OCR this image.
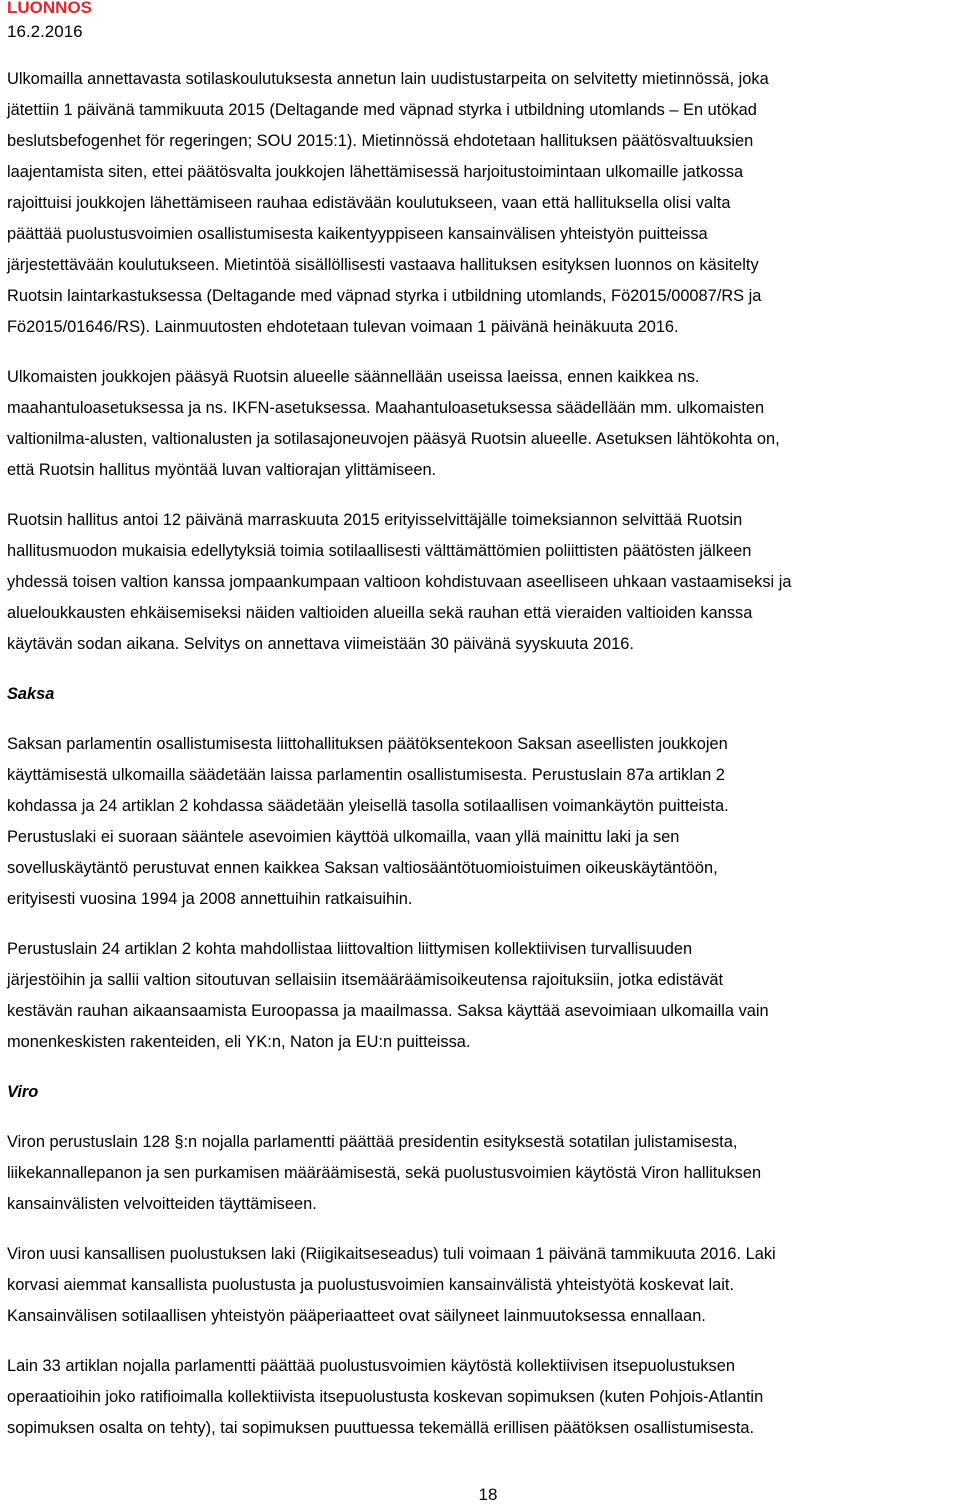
LUONNOS
16.2.2016

Ulkomailla annettavasta sotilaskoulutuksesta annetun lain uudistustarpeita on selvitetty mietinnössä, joka
jätettiin 1 päivänä tammikuuta 2015 (Deltagande med väpnad styrka i utbildning utomlands – En utökad
beslutsbefogenhet för regeringen; SOU 2015:1). Mietinnössä ehdotetaan hallituksen päätösvaltuuksien
laajentamista siten, ettei päätösvalta joukkojen lähettämisessä harjoitustoimintaan ulkomaille jatkossa
rajoittuisi joukkojen lähettämiseen rauhaa edistävään koulutukseen, vaan että hallituksella olisi valta
päättää puolustusvoimien osallistumisesta kaikentyyppiseen kansainvälisen yhteistyön puitteissa
järjestettävään koulutukseen. Mietintöä sisällöllisesti vastaava hallituksen esityksen luonnos on käsitelty
Ruotsin laintarkastuksessa (Deltagande med väpnad styrka i utbildning utomlands, Fö2015/00087/RS ja
Fö2015/01646/RS). Lainmuutosten ehdotetaan tulevan voimaan 1 päivänä heinäkuuta 2016.

Ulkomaisten joukkojen pääsyä Ruotsin alueelle säännellään useissa laeissa, ennen kaikkea ns.
maahantuloasetuksessa ja ns. IKFN-asetuksessa. Maahantuloasetuksessa säädellään mm. ulkomaisten
valtionilma-alusten, valtionalusten ja sotilasajoneuvojen pääsyä Ruotsin alueelle. Asetuksen lähtökohta on,
että Ruotsin hallitus myöntää luvan valtiorajan ylittämiseen.

Ruotsin hallitus antoi 12 päivänä marraskuuta 2015 erityisselvittäjälle toimeksiannon selvittää Ruotsin
hallitusmuodon mukaisia edellytyksiä toimia sotilaallisesti välttämättömien poliittisten päätösten jälkeen
yhdessä toisen valtion kanssa jompaankumpaan valtioon kohdistuvaan aseelliseen uhkaan vastaamiseksi ja
alueloukkausten ehkäisemiseksi näiden valtioiden alueilla sekä rauhan että vieraiden valtioiden kanssa
käytävän sodan aikana. Selvitys on annettava viimeistään 30 päivänä syyskuuta 2016.

Saksa

Saksan parlamentin osallistumisesta liittohallituksen päätöksentekoon Saksan aseellisten joukkojen
käyttämisestä ulkomailla säädetään laissa parlamentin osallistumisesta. Perustuslain 87a artiklan 2
kohdassa ja 24 artiklan 2 kohdassa säädetään yleisellä tasolla sotilaallisen voimankäytön puitteista.
Perustuslaki ei suoraan sääntele asevoimien käyttöä ulkomailla, vaan yllä mainittu laki ja sen
sovelluskäytäntö perustuvat ennen kaikkea Saksan valtiosääntötuomioistuimen oikeuskäytäntöön,
erityisesti vuosina 1994 ja 2008 annettuihin ratkaisuihin.

Perustuslain 24 artiklan 2 kohta mahdollistaa liittovaltion liittymisen kollektiivisen turvallisuuden
järjestöihin ja sallii valtion sitoutuvan sellaisiin itsemääräämisoikeutensa rajoituksiin, jotka edistävät
kestävän rauhan aikaansaamista Euroopassa ja maailmassa. Saksa käyttää asevoimiaan ulkomailla vain
monenkeskisten rakenteiden, eli YK:n, Naton ja EU:n puitteissa.

Viro

Viron perustuslain 128 §:n nojalla parlamentti päättää presidentin esityksestä sotatilan julistamisesta,
liikekannallepanon ja sen purkamisen määräämisestä, sekä puolustusvoimien käytöstä Viron hallituksen
kansainvälisten velvoitteiden täyttämiseen.

Viron uusi kansallisen puolustuksen laki (Riigikaitseseadus) tuli voimaan 1 päivänä tammikuuta 2016. Laki
korvasi aiemmat kansallista puolustusta ja puolustusvoimien kansainvälistä yhteistyötä koskevat lait.
Kansainvälisen sotilaallisen yhteistyön pääperiaatteet ovat säilyneet lainmuutoksessa ennallaan.

Lain 33 artiklan nojalla parlamentti päättää puolustusvoimien käytöstä kollektiivisen itsepuolustuksen
operaatioihin joko ratifioimalla kollektiivista itsepuolustusta koskevan sopimuksen (kuten Pohjois-Atlantin
sopimuksen osalta on tehty), tai sopimuksen puuttuessa tekemällä erillisen päätöksen osallistumisesta.

18
